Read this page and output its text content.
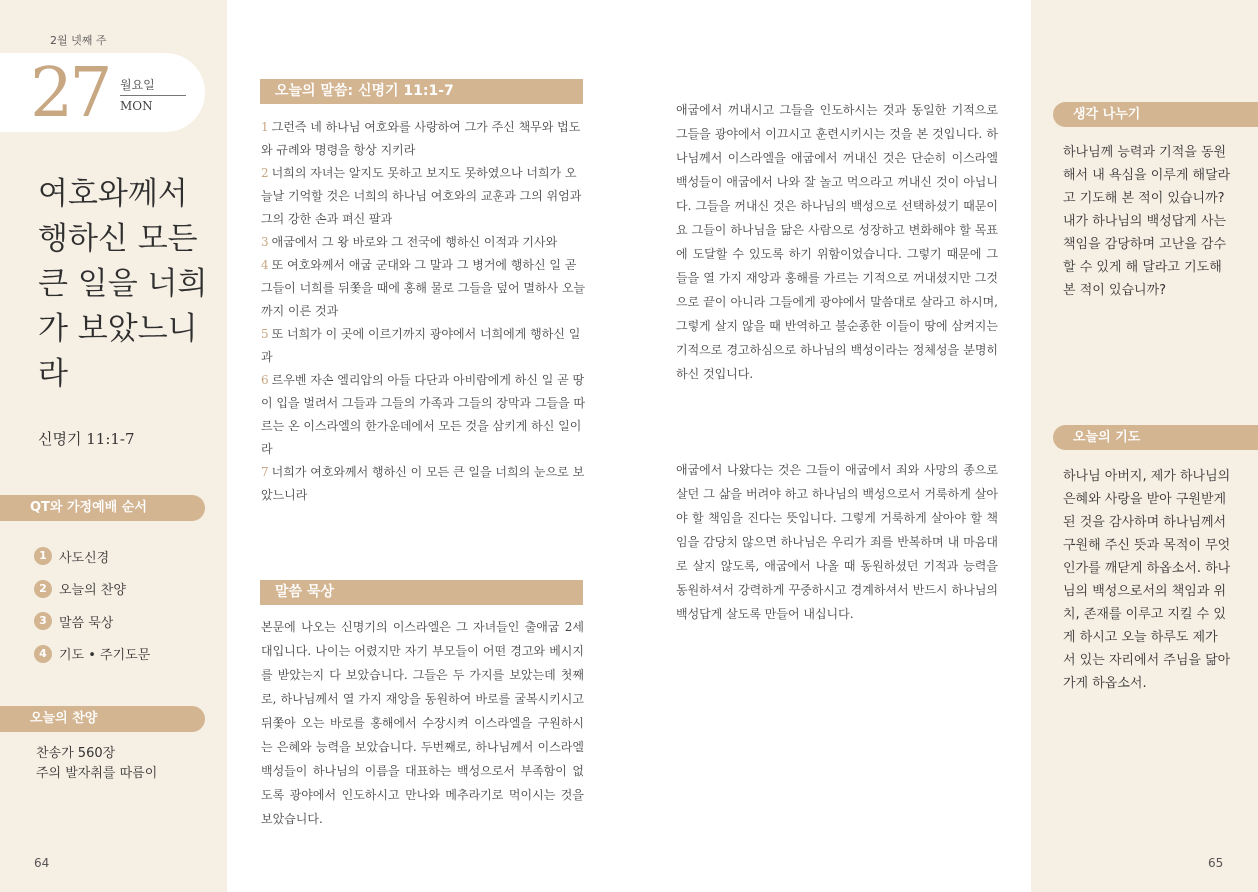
2월 넷째 주
27 월요일
MON
여호와께서 행하신 모든 큰 일을 너희가 보았느니라
신명기 11:1-7
QT와 가정예배 순서
1 사도신경
2 오늘의 찬양
3 말씀 묵상
4 기도 • 주기도문
오늘의 찬양
찬송가 560장
주의 발자취를 따름이
64
오늘의 말씀: 신명기 11:1-7
1 그런즉 네 하나님 여호와를 사랑하여 그가 주신 책무와 법도와 규례와 명령을 항상 지키라
2 너희의 자녀는 알지도 못하고 보지도 못하였으나 너희가 오늘날 기억할 것은 너희의 하나님 여호와의 교훈과 그의 위엄과 그의 강한 손과 펴신 팔과
3 애굽에서 그 왕 바로와 그 전국에 행하신 이적과 기사와
4 또 여호와께서 애굽 군대와 그 말과 그 병거에 행하신 일 곧 그들이 너희를 뒤쫓을 때에 홍해 물로 그들을 덮어 멸하사 오늘까지 이른 것과
5 또 너희가 이 곳에 이르기까지 광야에서 너희에게 행하신 일과
6 르우벤 자손 엘리압의 아들 다단과 아비람에게 하신 일 곧 땅이 입을 벌려서 그들과 그들의 가족과 그들의 장막과 그들을 따르는 온 이스라엘의 한가운데에서 모든 것을 삼키게 하신 일이라
7 너희가 여호와께서 행하신 이 모든 큰 일을 너희의 눈으로 보았느니라
말씀 묵상
본문에 나오는 신명기의 이스라엘은 그 자녀들인 출애굽 2세대입니다. 나이는 어렸지만 자기 부모들이 어떤 경고와 베시지를 받았는지 다 보았습니다. 그들은 두 가지를 보았는데 첫째로, 하나님께서 열 가지 재앙을 동원하여 바로를 굴복시키시고 뒤쫓아 오는 바로를 홍해에서 수장시켜 이스라엘을 구원하시는 은혜와 능력을 보았습니다. 두번째로, 하나님께서 이스라엘 백성들이 하나님의 이름을 대표하는 백성으로서 부족함이 없도록 광야에서 인도하시고 만나와 메추라기로 먹이시는 것을 보았습니다.
애굽에서 꺼내시고 그들을 인도하시는 것과 동일한 기적으로 그들을 광야에서 이끄시고 훈련시키시는 것을 본 것입니다. 하나님께서 이스라엘을 애굽에서 꺼내신 것은 단순히 이스라엘 백성들이 애굽에서 나와 잘 놀고 먹으라고 꺼내신 것이 아닙니다. 그들을 꺼내신 것은 하나님의 백성으로 선택하셨기 때문이요 그들이 하나님을 닮은 사람으로 성장하고 변화해야 할 목표에 도달할 수 있도록 하기 위함이었습니다. 그렇기 때문에 그들을 열 가지 재앙과 홍해를 가르는 기적으로 꺼내셨지만 그것으로 끝이 아니라 그들에게 광야에서 말씀대로 살라고 하시며, 그렇게 살지 않을 때 반역하고 불순종한 이들이 땅에 삼켜지는 기적으로 경고하심으로 하나님의 백성이라는 정체성을 분명히 하신 것입니다.
애굽에서 나왔다는 것은 그들이 애굽에서 죄와 사망의 종으로 살던 그 삶을 버려야 하고 하나님의 백성으로서 거룩하게 살아야 할 책임을 진다는 뜻입니다. 그렇게 거룩하게 살아야 할 책임을 감당치 않으면 하나님은 우리가 죄를 반복하며 내 마음대로 살지 않도록, 애굽에서 나올 때 동원하셨던 기적과 능력을 동원하셔서 강력하게 꾸중하시고 경계하셔서 반드시 하나님의 백성답게 살도록 만들어 내십니다.
생각 나누기
하나님께 능력과 기적을 동원해서 내 욕심을 이루게 해달라고 기도해 본 적이 있습니까? 내가 하나님의 백성답게 사는 책임을 감당하며 고난을 감수할 수 있게 해 달라고 기도해 본 적이 있습니까?
오늘의 기도
하나님 아버지, 제가 하나님의 은혜와 사랑을 받아 구원받게 된 것을 감사하며 하나님께서 구원해 주신 뜻과 목적이 무엇인가를 깨닫게 하옵소서. 하나님의 백성으로서의 책임과 위치, 존재를 이루고 지킬 수 있게 하시고 오늘 하루도 제가 서 있는 자리에서 주님을 닮아가게 하옵소서.
65
